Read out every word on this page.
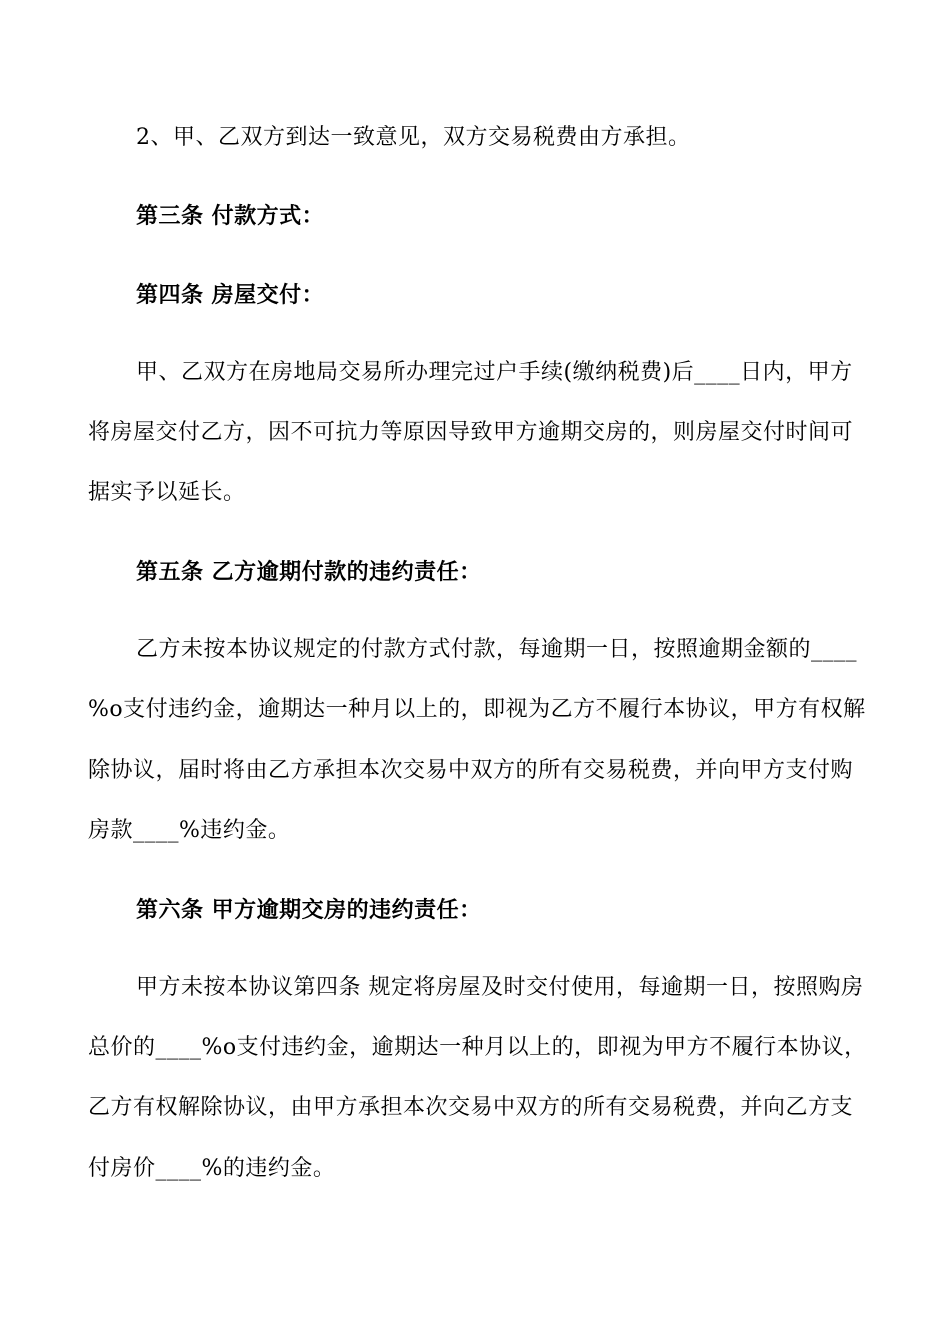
2、甲、乙双方到达一致意见，双方交易税费由方承担。
第三条 付款方式：
第四条 房屋交付：
甲、乙双方在房地局交易所办理完过户手续(缴纳税费)后____日内，甲方
将房屋交付乙方，因不可抗力等原因导致甲方逾期交房的，则房屋交付时间可
据实予以延长。
第五条 乙方逾期付款的违约责任：
乙方未按本协议规定的付款方式付款，每逾期一日，按照逾期金额的____
%o支付违约金，逾期达一种月以上的，即视为乙方不履行本协议，甲方有权解
除协议，届时将由乙方承担本次交易中双方的所有交易税费，并向甲方支付购
房款____%违约金。
第六条 甲方逾期交房的违约责任：
甲方未按本协议第四条 规定将房屋及时交付使用，每逾期一日，按照购房
总价的____%o支付违约金，逾期达一种月以上的，即视为甲方不履行本协议，
乙方有权解除协议，由甲方承担本次交易中双方的所有交易税费，并向乙方支
付房价____%的违约金。
